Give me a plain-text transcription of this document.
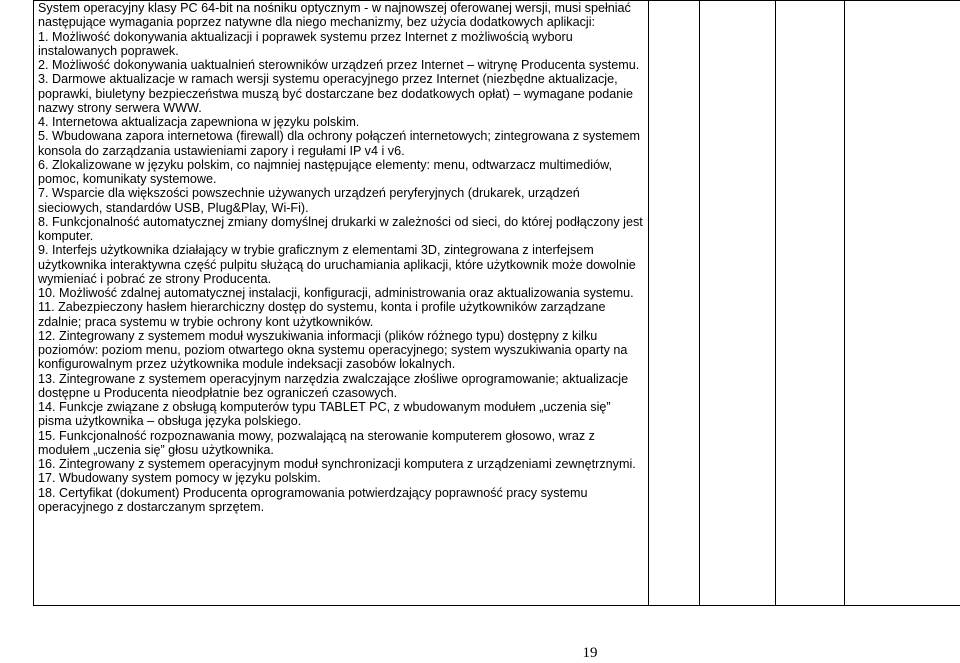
System operacyjny klasy PC 64-bit na nośniku optycznym - w najnowszej oferowanej wersji, musi spełniać następujące wymagania poprzez natywne dla niego mechanizmy, bez użycia dodatkowych aplikacji:

1. Możliwość dokonywania aktualizacji i poprawek systemu przez Internet z możliwością wyboru instalowanych poprawek.

2. Możliwość dokonywania uaktualnień sterowników urządzeń przez Internet – witrynę Producenta systemu.

3. Darmowe aktualizacje w ramach wersji systemu operacyjnego przez Internet (niezbędne aktualizacje, poprawki, biuletyny bezpieczeństwa muszą być dostarczane bez dodatkowych opłat) – wymagane podanie nazwy strony serwera WWW.

4. Internetowa aktualizacja zapewniona w języku polskim.

5. Wbudowana zapora internetowa (firewall) dla ochrony połączeń internetowych; zintegrowana z systemem konsola do zarządzania ustawieniami zapory i regułami IP v4 i v6.

6. Zlokalizowane w języku polskim, co najmniej następujące elementy: menu, odtwarzacz multimediów, pomoc, komunikaty systemowe.

7. Wsparcie dla większości powszechnie używanych urządzeń peryferyjnych (drukarek, urządzeń sieciowych, standardów USB, Plug&Play, Wi-Fi).

8. Funkcjonalność automatycznej zmiany domyślnej drukarki w zależności od sieci, do której podłączony jest komputer.

9. Interfejs użytkownika działający w trybie graficznym z elementami 3D, zintegrowana z interfejsem użytkownika interaktywna część pulpitu służącą do uruchamiania aplikacji, które użytkownik może dowolnie wymieniać i pobrać ze strony Producenta.

10. Możliwość zdalnej automatycznej instalacji, konfiguracji, administrowania oraz aktualizowania systemu.

11. Zabezpieczony hasłem hierarchiczny dostęp do systemu, konta i profile użytkowników zarządzane zdalnie; praca systemu w trybie ochrony kont użytkowników.

12. Zintegrowany z systemem moduł wyszukiwania informacji (plików różnego typu) dostępny z kilku poziomów: poziom menu, poziom otwartego okna systemu operacyjnego; system wyszukiwania oparty na konfigurowalnym przez użytkownika module indeksacji zasobów lokalnych.

13. Zintegrowane z systemem operacyjnym narzędzia zwalczające złośliwe oprogramowanie; aktualizacje dostępne u Producenta nieodpłatnie bez ograniczeń czasowych.

14. Funkcje związane z obsługą komputerów typu TABLET PC, z wbudowanym modułem „uczenia się” pisma użytkownika – obsługa języka polskiego.

15. Funkcjonalność rozpoznawania mowy, pozwalającą na sterowanie komputerem głosowo, wraz z modułem „uczenia się” głosu użytkownika.

16. Zintegrowany z systemem operacyjnym moduł synchronizacji komputera z urządzeniami zewnętrznymi.

17. Wbudowany system pomocy w języku polskim.

18. Certyfikat (dokument) Producenta oprogramowania potwierdzający poprawność pracy systemu operacyjnego z dostarczanym sprzętem.

19
